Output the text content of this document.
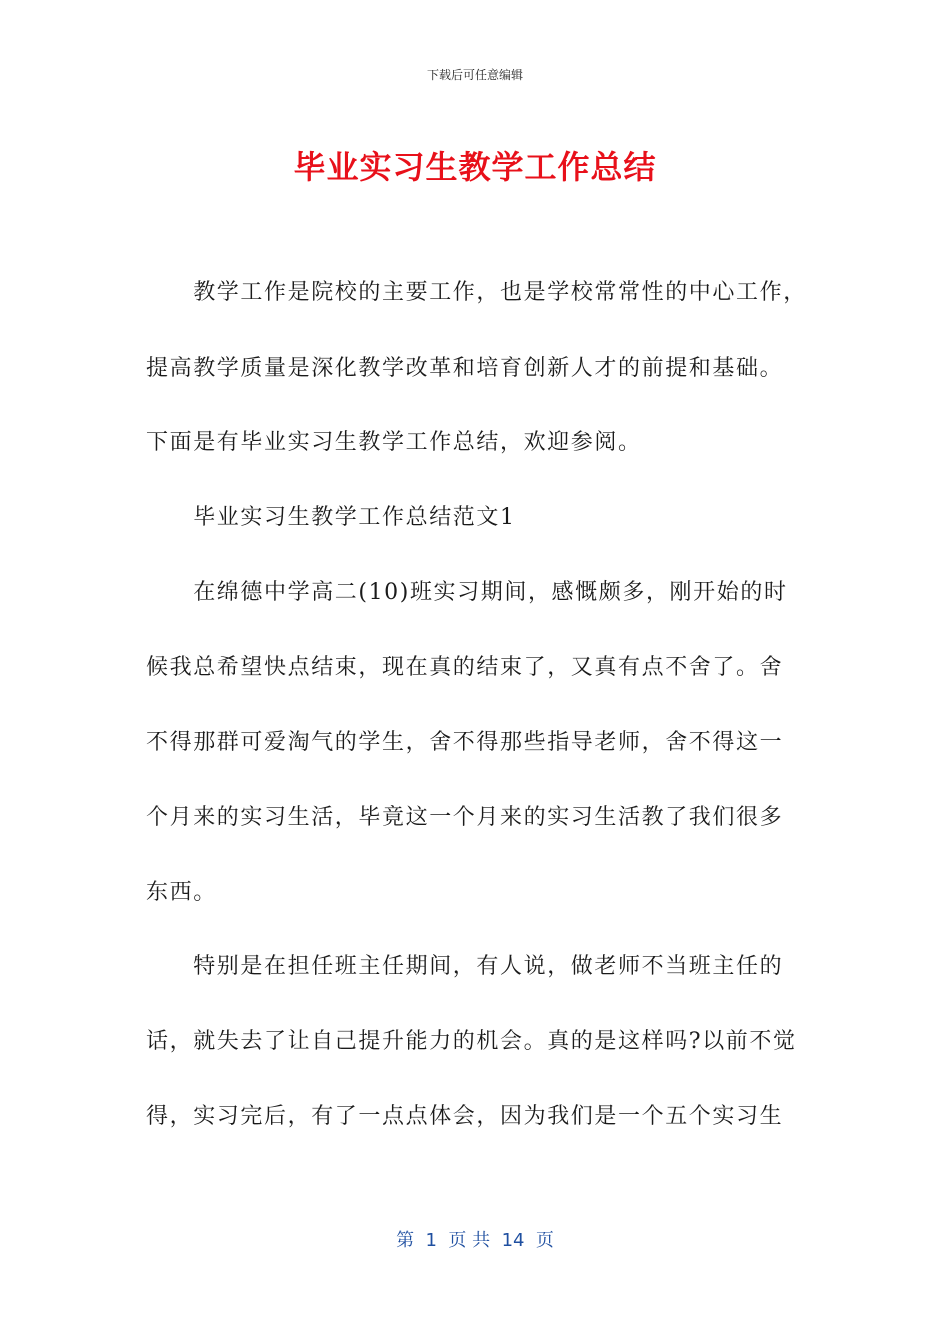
下载后可任意编辑
毕业实习生教学工作总结
　　教学工作是院校的主要工作，也是学校常常性的中心工作，
提高教学质量是深化教学改革和培育创新人才的前提和基础。
下面是有毕业实习生教学工作总结，欢迎参阅。
　　毕业实习生教学工作总结范文1
　　在绵德中学高二(10)班实习期间，感慨颇多，刚开始的时
候我总希望快点结束，现在真的结束了，又真有点不舍了。舍
不得那群可爱淘气的学生，舍不得那些指导老师，舍不得这一
个月来的实习生活，毕竟这一个月来的实习生活教了我们很多
东西。
　　特别是在担任班主任期间，有人说，做老师不当班主任的
话，就失去了让自己提升能力的机会。真的是这样吗?以前不觉
得，实习完后，有了一点点体会，因为我们是一个五个实习生
第  1  页 共  14  页
